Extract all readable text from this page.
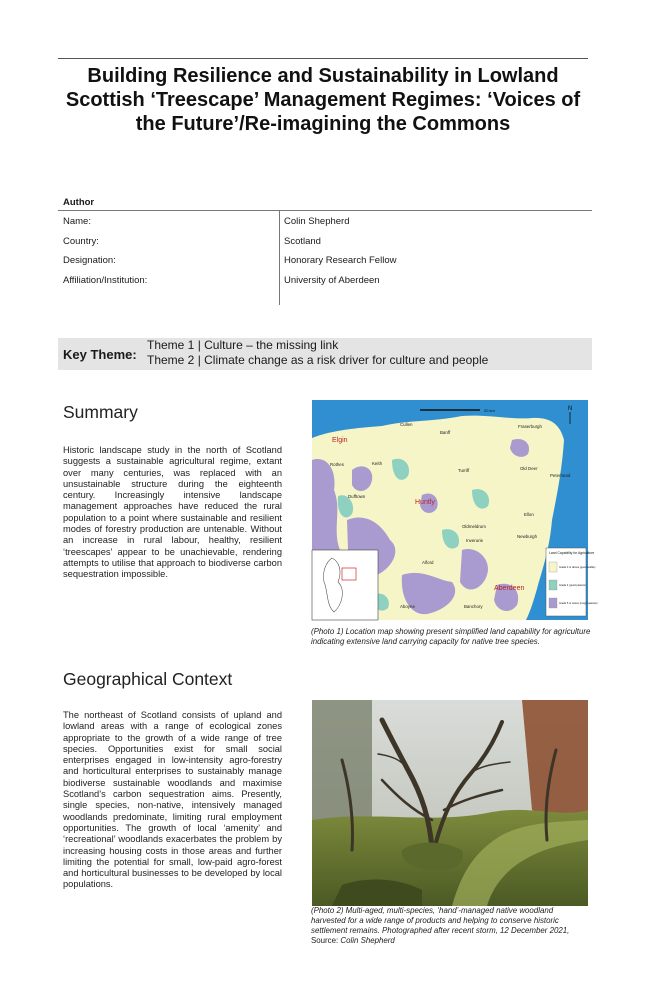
Building Resilience and Sustainability in Lowland Scottish ‘Treescape’ Management Regimes: ‘Voices of the Future’/Re-imagining the Commons
Author
Name:	Colin Shepherd
Country:	Scotland
Designation:	Honorary Research Fellow
Affiliation/Institution:	University of Aberdeen
Key Theme:
Theme 1 | Culture – the missing link
Theme 2 | Climate change as a risk driver for culture and people
Summary
Historic landscape study in the north of Scotland suggests a sustainable agricultural regime, extant over many centuries, was replaced with an unsustainable structure during the eighteenth century. Increasingly intensive landscape management approaches have reduced the rural population to a point where sustainable and resilient modes of forestry production are untenable. Without an increase in rural labour, healthy, resilient ‘treescapes’ appear to be unachievable, rendering attempts to utilise that approach to biodiverse carbon sequestration impossible.
20 km	N
Elgin
Cullen
Banff
Fraserburgh
Rothes	Keith
Turriff	Old Deer
Peterhead
Dufftown
Huntly
Ellon
Oldmeldrum
Newburgh
Inverurie
Alford
Aberdeen
Aboyne	Banchory
Land Capability for Agriculture
Grade 3 or above (good arable)
Grade 4 (good pasture)
Grade 5 or worse (rough pasture)
(Photo 1) Location map showing present simplified land capability for agriculture indicating extensive land carrying capacity for native tree species.
Geographical Context
The northeast of Scotland consists of upland and lowland areas with a range of ecological zones appropriate to the growth of a wide range of tree species. Opportunities exist for small social enterprises engaged in low-intensity agro-forestry and horticultural enterprises to sustainably manage biodiverse sustainable woodlands and maximise Scotland’s carbon sequestration aims. Presently, single species, non-native, intensively managed woodlands predominate, limiting rural employment opportunities. The growth of local ‘amenity’ and ‘recreational’ woodlands exacerbates the problem by increasing housing costs in those areas and further limiting the potential for small, low-paid agro-forest and horticultural businesses to be developed by local populations.
(Photo 2) Multi-aged, multi-species, ‘hand’-managed native woodland harvested for a wide range of products and helping to conserve historic settlement remains. Photographed after recent storm, 12 December 2021,
Source: Colin Shepherd
